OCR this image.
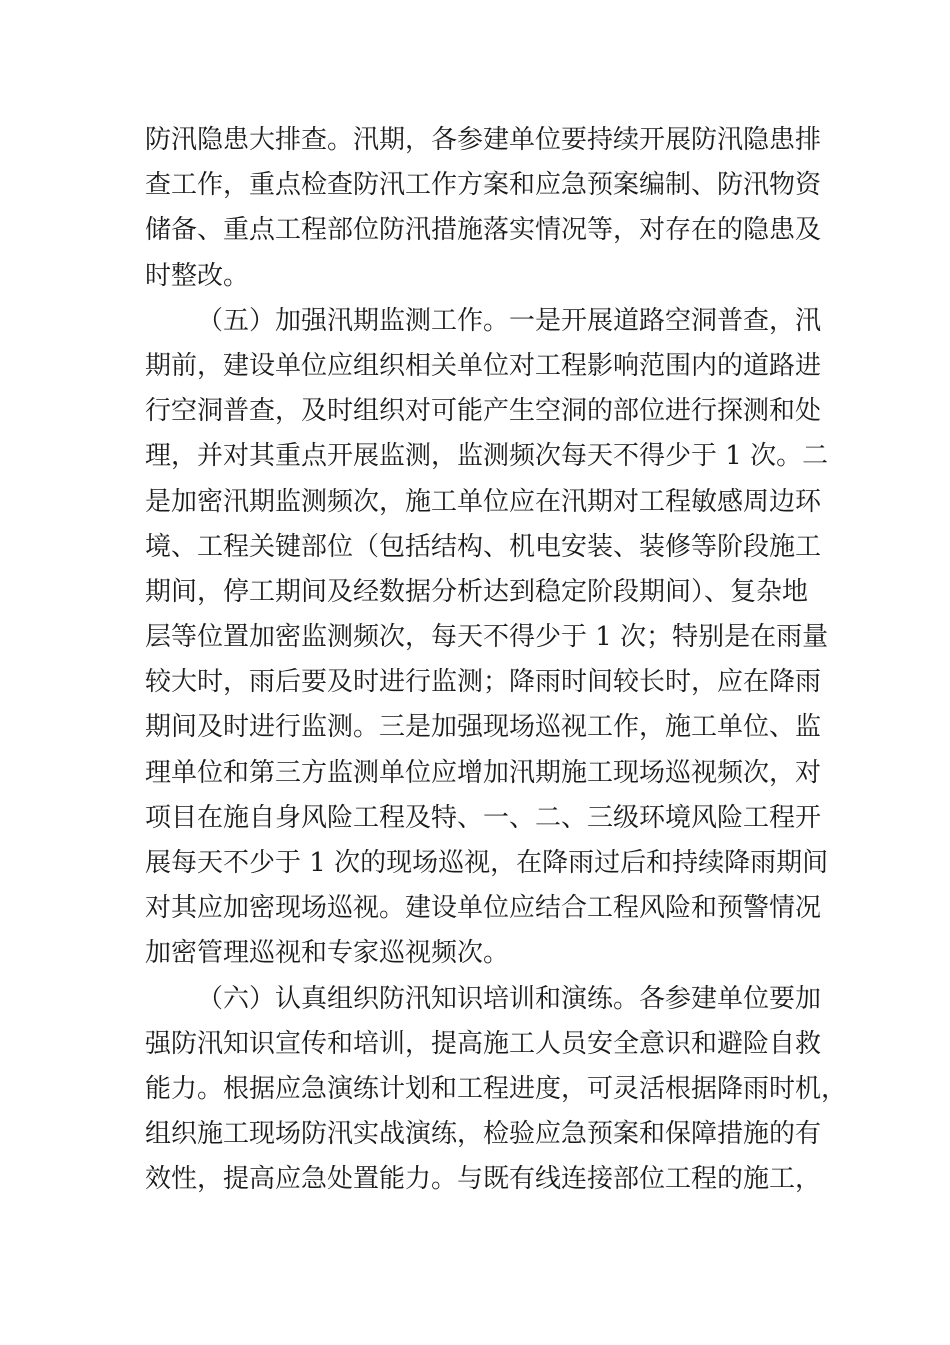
防汛隐患大排查。汛期，各参建单位要持续开展防汛隐患排
查工作，重点检查防汛工作方案和应急预案编制、防汛物资
储备、重点工程部位防汛措施落实情况等，对存在的隐患及
时整改。
（五）加强汛期监测工作。一是开展道路空洞普查，汛
期前，建设单位应组织相关单位对工程影响范围内的道路进
行空洞普查，及时组织对可能产生空洞的部位进行探测和处
理，并对其重点开展监测，监测频次每天不得少于 1 次。二
是加密汛期监测频次，施工单位应在汛期对工程敏感周边环
境、工程关键部位（包括结构、机电安装、装修等阶段施工
期间，停工期间及经数据分析达到稳定阶段期间）、复杂地
层等位置加密监测频次，每天不得少于 1 次；特别是在雨量
较大时，雨后要及时进行监测；降雨时间较长时，应在降雨
期间及时进行监测。三是加强现场巡视工作，施工单位、监
理单位和第三方监测单位应增加汛期施工现场巡视频次，对
项目在施自身风险工程及特、一、二、三级环境风险工程开
展每天不少于 1 次的现场巡视，在降雨过后和持续降雨期间
对其应加密现场巡视。建设单位应结合工程风险和预警情况
加密管理巡视和专家巡视频次。
（六）认真组织防汛知识培训和演练。各参建单位要加
强防汛知识宣传和培训，提高施工人员安全意识和避险自救
能力。根据应急演练计划和工程进度，可灵活根据降雨时机，
组织施工现场防汛实战演练，检验应急预案和保障措施的有
效性，提高应急处置能力。与既有线连接部位工程的施工，
